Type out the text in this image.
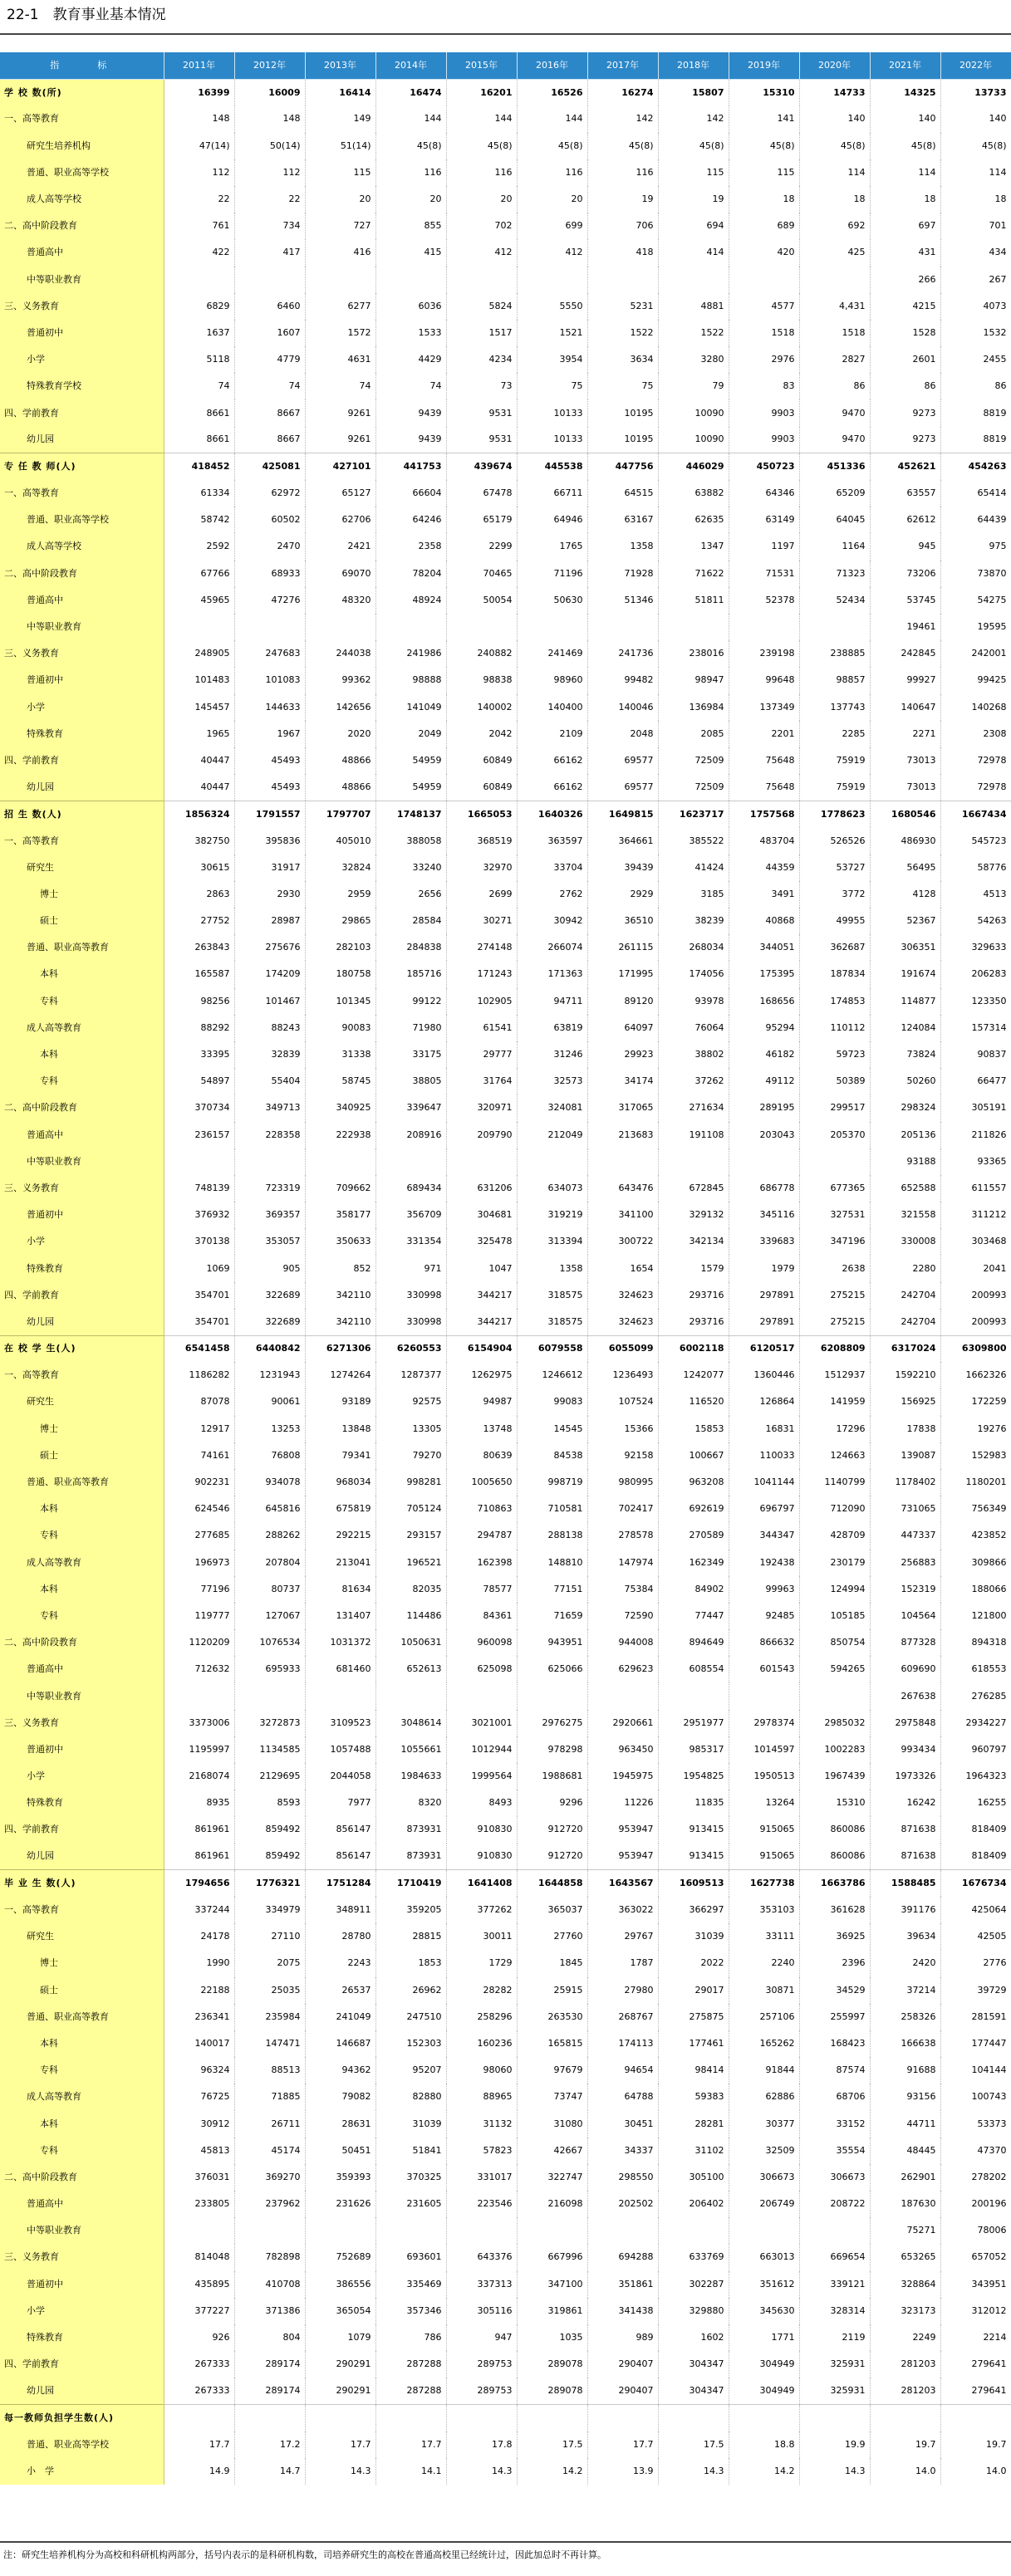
22-1　教育事业基本情况
指　　标	2011年	2012年	2013年	2014年	2015年	2016年	2017年	2018年	2019年	2020年	2021年	2022年
学 校 数(所)	16399	16009	16414	16474	16201	16526	16274	15807	15310	14733	14325	13733
一、高等教育	148	148	149	144	144	144	142	142	141	140	140	140
研究生培养机构	47(14)	50(14)	51(14)	45(8)	45(8)	45(8)	45(8)	45(8)	45(8)	45(8)	45(8)	45(8)
普通、职业高等学校	112	112	115	116	116	116	116	115	115	114	114	114
成人高等学校	22	22	20	20	20	20	19	19	18	18	18	18
二、高中阶段教育	761	734	727	855	702	699	706	694	689	692	697	701
普通高中	422	417	416	415	412	412	418	414	420	425	431	434
中等职业教育											266	267
三、义务教育	6829	6460	6277	6036	5824	5550	5231	4881	4577	4,431	4215	4073
普通初中	1637	1607	1572	1533	1517	1521	1522	1522	1518	1518	1528	1532
小学	5118	4779	4631	4429	4234	3954	3634	3280	2976	2827	2601	2455
特殊教育学校	74	74	74	74	73	75	75	79	83	86	86	86
四、学前教育	8661	8667	9261	9439	9531	10133	10195	10090	9903	9470	9273	8819
幼儿园	8661	8667	9261	9439	9531	10133	10195	10090	9903	9470	9273	8819
专 任 教 师(人)	418452	425081	427101	441753	439674	445538	447756	446029	450723	451336	452621	454263
一、高等教育	61334	62972	65127	66604	67478	66711	64515	63882	64346	65209	63557	65414
普通、职业高等学校	58742	60502	62706	64246	65179	64946	63167	62635	63149	64045	62612	64439
成人高等学校	2592	2470	2421	2358	2299	1765	1358	1347	1197	1164	945	975
二、高中阶段教育	67766	68933	69070	78204	70465	71196	71928	71622	71531	71323	73206	73870
普通高中	45965	47276	48320	48924	50054	50630	51346	51811	52378	52434	53745	54275
中等职业教育											19461	19595
三、义务教育	248905	247683	244038	241986	240882	241469	241736	238016	239198	238885	242845	242001
普通初中	101483	101083	99362	98888	98838	98960	99482	98947	99648	98857	99927	99425
小学	145457	144633	142656	141049	140002	140400	140046	136984	137349	137743	140647	140268
特殊教育	1965	1967	2020	2049	2042	2109	2048	2085	2201	2285	2271	2308
四、学前教育	40447	45493	48866	54959	60849	66162	69577	72509	75648	75919	73013	72978
幼儿园	40447	45493	48866	54959	60849	66162	69577	72509	75648	75919	73013	72978
招 生 数(人)	1856324	1791557	1797707	1748137	1665053	1640326	1649815	1623717	1757568	1778623	1680546	1667434
一、高等教育	382750	395836	405010	388058	368519	363597	364661	385522	483704	526526	486930	545723
研究生	30615	31917	32824	33240	32970	33704	39439	41424	44359	53727	56495	58776
博士	2863	2930	2959	2656	2699	2762	2929	3185	3491	3772	4128	4513
硕士	27752	28987	29865	28584	30271	30942	36510	38239	40868	49955	52367	54263
普通、职业高等教育	263843	275676	282103	284838	274148	266074	261115	268034	344051	362687	306351	329633
本科	165587	174209	180758	185716	171243	171363	171995	174056	175395	187834	191674	206283
专科	98256	101467	101345	99122	102905	94711	89120	93978	168656	174853	114877	123350
成人高等教育	88292	88243	90083	71980	61541	63819	64097	76064	95294	110112	124084	157314
本科	33395	32839	31338	33175	29777	31246	29923	38802	46182	59723	73824	90837
专科	54897	55404	58745	38805	31764	32573	34174	37262	49112	50389	50260	66477
二、高中阶段教育	370734	349713	340925	339647	320971	324081	317065	271634	289195	299517	298324	305191
普通高中	236157	228358	222938	208916	209790	212049	213683	191108	203043	205370	205136	211826
中等职业教育											93188	93365
三、义务教育	748139	723319	709662	689434	631206	634073	643476	672845	686778	677365	652588	611557
普通初中	376932	369357	358177	356709	304681	319219	341100	329132	345116	327531	321558	311212
小学	370138	353057	350633	331354	325478	313394	300722	342134	339683	347196	330008	303468
特殊教育	1069	905	852	971	1047	1358	1654	1579	1979	2638	2280	2041
四、学前教育	354701	322689	342110	330998	344217	318575	324623	293716	297891	275215	242704	200993
幼儿园	354701	322689	342110	330998	344217	318575	324623	293716	297891	275215	242704	200993
在 校 学 生(人)	6541458	6440842	6271306	6260553	6154904	6079558	6055099	6002118	6120517	6208809	6317024	6309800
一、高等教育	1186282	1231943	1274264	1287377	1262975	1246612	1236493	1242077	1360446	1512937	1592210	1662326
研究生	87078	90061	93189	92575	94987	99083	107524	116520	126864	141959	156925	172259
博士	12917	13253	13848	13305	13748	14545	15366	15853	16831	17296	17838	19276
硕士	74161	76808	79341	79270	80639	84538	92158	100667	110033	124663	139087	152983
普通、职业高等教育	902231	934078	968034	998281	1005650	998719	980995	963208	1041144	1140799	1178402	1180201
本科	624546	645816	675819	705124	710863	710581	702417	692619	696797	712090	731065	756349
专科	277685	288262	292215	293157	294787	288138	278578	270589	344347	428709	447337	423852
成人高等教育	196973	207804	213041	196521	162398	148810	147974	162349	192438	230179	256883	309866
本科	77196	80737	81634	82035	78577	77151	75384	84902	99963	124994	152319	188066
专科	119777	127067	131407	114486	84361	71659	72590	77447	92485	105185	104564	121800
二、高中阶段教育	1120209	1076534	1031372	1050631	960098	943951	944008	894649	866632	850754	877328	894318
普通高中	712632	695933	681460	652613	625098	625066	629623	608554	601543	594265	609690	618553
中等职业教育											267638	276285
三、义务教育	3373006	3272873	3109523	3048614	3021001	2976275	2920661	2951977	2978374	2985032	2975848	2934227
普通初中	1195997	1134585	1057488	1055661	1012944	978298	963450	985317	1014597	1002283	993434	960797
小学	2168074	2129695	2044058	1984633	1999564	1988681	1945975	1954825	1950513	1967439	1973326	1964323
特殊教育	8935	8593	7977	8320	8493	9296	11226	11835	13264	15310	16242	16255
四、学前教育	861961	859492	856147	873931	910830	912720	953947	913415	915065	860086	871638	818409
幼儿园	861961	859492	856147	873931	910830	912720	953947	913415	915065	860086	871638	818409
毕 业 生 数(人)	1794656	1776321	1751284	1710419	1641408	1644858	1643567	1609513	1627738	1663786	1588485	1676734
一、高等教育	337244	334979	348911	359205	377262	365037	363022	366297	353103	361628	391176	425064
研究生	24178	27110	28780	28815	30011	27760	29767	31039	33111	36925	39634	42505
博士	1990	2075	2243	1853	1729	1845	1787	2022	2240	2396	2420	2776
硕士	22188	25035	26537	26962	28282	25915	27980	29017	30871	34529	37214	39729
普通、职业高等教育	236341	235984	241049	247510	258296	263530	268767	275875	257106	255997	258326	281591
本科	140017	147471	146687	152303	160236	165815	174113	177461	165262	168423	166638	177447
专科	96324	88513	94362	95207	98060	97679	94654	98414	91844	87574	91688	104144
成人高等教育	76725	71885	79082	82880	88965	73747	64788	59383	62886	68706	93156	100743
本科	30912	26711	28631	31039	31132	31080	30451	28281	30377	33152	44711	53373
专科	45813	45174	50451	51841	57823	42667	34337	31102	32509	35554	48445	47370
二、高中阶段教育	376031	369270	359393	370325	331017	322747	298550	305100	306673	306673	262901	278202
普通高中	233805	237962	231626	231605	223546	216098	202502	206402	206749	208722	187630	200196
中等职业教育											75271	78006
三、义务教育	814048	782898	752689	693601	643376	667996	694288	633769	663013	669654	653265	657052
普通初中	435895	410708	386556	335469	337313	347100	351861	302287	351612	339121	328864	343951
小学	377227	371386	365054	357346	305116	319861	341438	329880	345630	328314	323173	312012
特殊教育	926	804	1079	786	947	1035	989	1602	1771	2119	2249	2214
四、学前教育	267333	289174	290291	287288	289753	289078	290407	304347	304949	325931	281203	279641
幼儿园	267333	289174	290291	287288	289753	289078	290407	304347	304949	325931	281203	279641
每一教师负担学生数(人)												
普通、职业高等学校	17.7	17.2	17.7	17.7	17.8	17.5	17.7	17.5	18.8	19.9	19.7	19.7
小　学	14.9	14.7	14.3	14.1	14.3	14.2	13.9	14.3	14.2	14.3	14.0	14.0
注：研究生培养机构分为高校和科研机构两部分，括号内表示的是科研机构数，司培养研究生的高校在普通高校里已经统计过，因此加总时不再计算。
